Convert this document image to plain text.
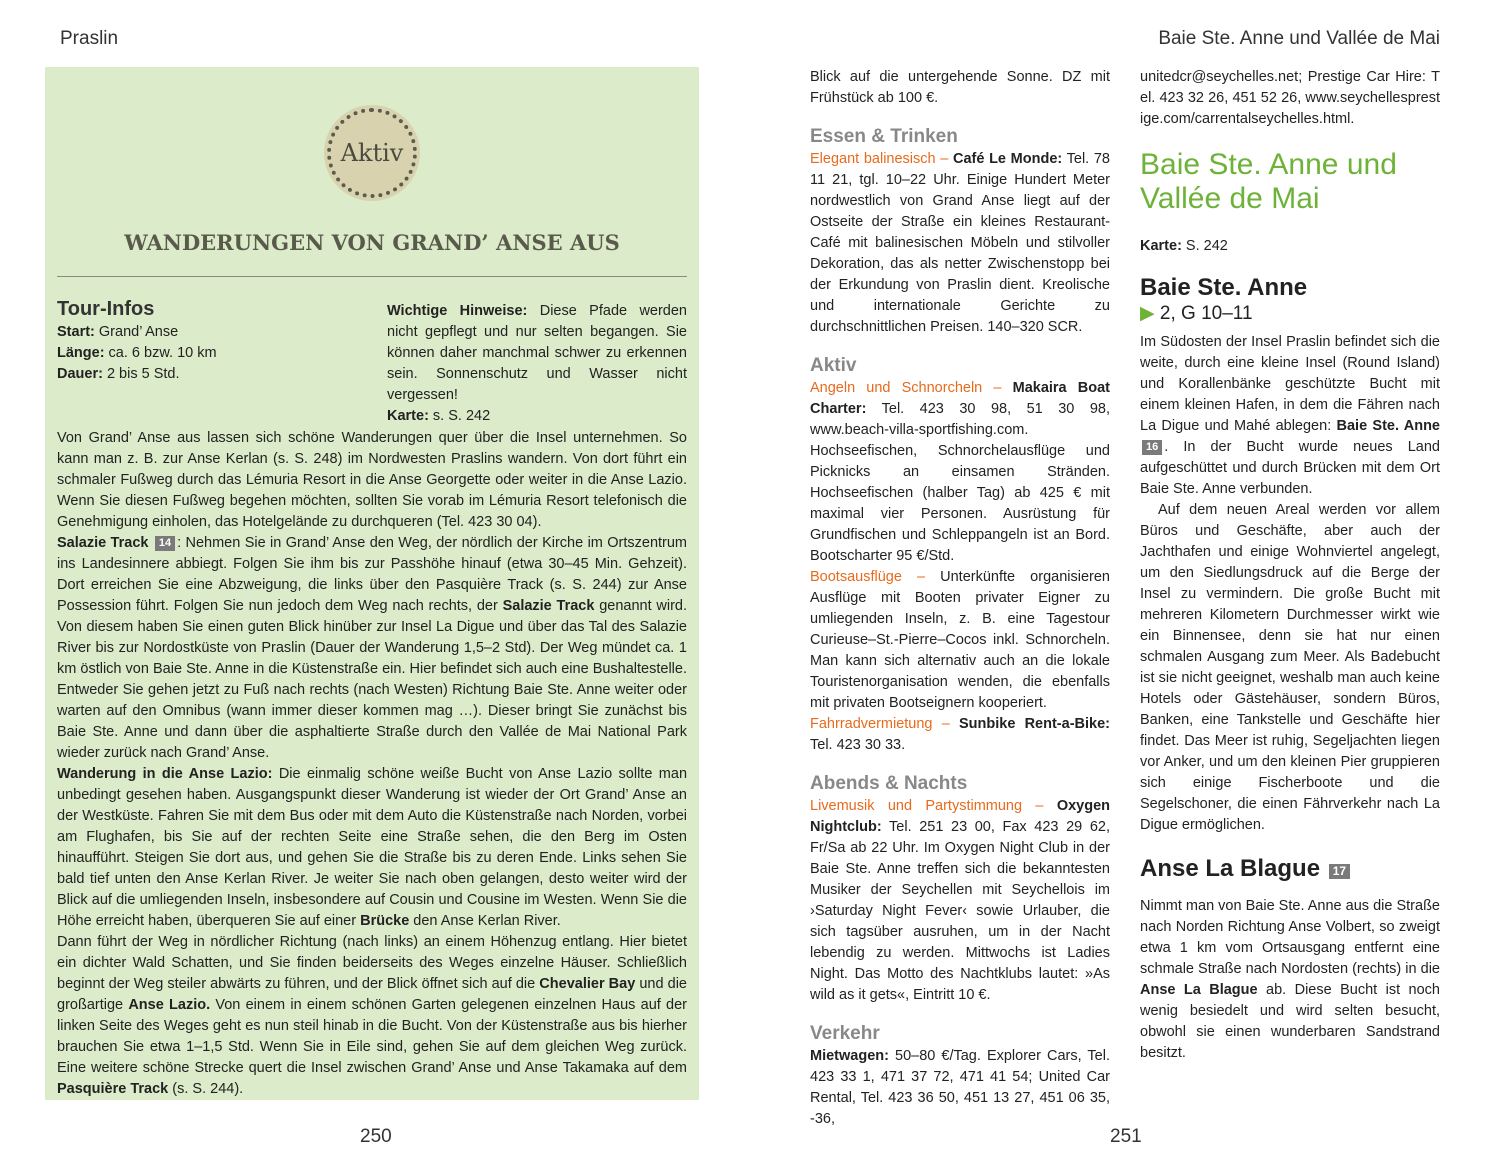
Praslin
Aktiv
WANDERUNGEN VON GRAND’ ANSE AUS
Tour-Infos
Start: Grand’ Anse
Länge: ca. 6 bzw. 10 km
Dauer: 2 bis 5 Std.
Wichtige Hinweise: Diese Pfade werden nicht gepflegt und nur selten begangen. Sie können daher manchmal schwer zu erkennen sein. Sonnenschutz und Wasser nicht vergessen!
Karte: s. S. 242

Von Grand’ Anse aus lassen sich schöne Wanderungen quer über die Insel unternehmen. So kann man z. B. zur Anse Kerlan (s. S. 248) im Nordwesten Praslins wandern. Von dort führt ein schmaler Fußweg durch das Lémuria Resort in die Anse Georgette oder weiter in die Anse Lazio. Wenn Sie diesen Fußweg begehen möchten, sollten Sie vorab im Lémuria Resort telefonisch die Genehmigung einholen, das Hotelgelände zu durchqueren (Tel. 423 30 04).

Salazie Track 14 : Nehmen Sie in Grand’ Anse den Weg, der nördlich der Kirche im Ortszentrum ins Landesinnere abbiegt. Folgen Sie ihm bis zur Passhöhe hinauf (etwa 30–45 Min. Gehzeit). Dort erreichen Sie eine Abzweigung, die links über den Pasquière Track (s. S. 244) zur Anse Possession führt. Folgen Sie nun jedoch dem Weg nach rechts, der Salazie Track genannt wird. Von diesem haben Sie einen guten Blick hinüber zur Insel La Digue und über das Tal des Salazie River bis zur Nordostküste von Praslin (Dauer der Wanderung 1,5–2 Std). Der Weg mündet ca. 1 km östlich von Baie Ste. Anne in die Küstenstraße ein. Hier befindet sich auch eine Bushaltestelle. Entweder Sie gehen jetzt zu Fuß nach rechts (nach Westen) Richtung Baie Ste. Anne weiter oder warten auf den Omnibus (wann immer dieser kommen mag …). Dieser bringt Sie zunächst bis Baie Ste. Anne und dann über die asphaltierte Straße durch den Vallée de Mai National Park wieder zurück nach Grand’ Anse.

Wanderung in die Anse Lazio: Die einmalig schöne weiße Bucht von Anse Lazio sollte man unbedingt gesehen haben. Ausgangspunkt dieser Wanderung ist wieder der Ort Grand’ Anse an der Westküste. Fahren Sie mit dem Bus oder mit dem Auto die Küstenstraße nach Norden, vorbei am Flughafen, bis Sie auf der rechten Seite eine Straße sehen, die den Berg im Osten hinaufführt. Steigen Sie dort aus, und gehen Sie die Straße bis zu deren Ende. Links sehen Sie bald tief unten den Anse Kerlan River. Je weiter Sie nach oben gelangen, desto weiter wird der Blick auf die umliegenden Inseln, insbesondere auf Cousin und Cousine im Westen. Wenn Sie die Höhe erreicht haben, überqueren Sie auf einer Brücke den Anse Kerlan River.

Dann führt der Weg in nördlicher Richtung (nach links) an einem Höhenzug entlang. Hier bietet ein dichter Wald Schatten, und Sie finden beiderseits des Weges einzelne Häuser. Schließlich beginnt der Weg steiler abwärts zu führen, und der Blick öffnet sich auf die Chevalier Bay und die großartige Anse Lazio. Von einem in einem schönen Garten gelegenen einzelnen Haus auf der linken Seite des Weges geht es nun steil hinab in die Bucht. Von der Küstenstraße aus bis hierher brauchen Sie etwa 1–1,5 Std. Wenn Sie in Eile sind, gehen Sie auf dem gleichen Weg zurück. Eine weitere schöne Strecke quert die Insel zwischen Grand’ Anse und Anse Takamaka auf dem Pasquière Track (s. S. 244).

250
Baie Ste. Anne und Vallée de Mai

Blick auf die untergehende Sonne. DZ mit Frühstück ab 100 €.

Essen & Trinken

Elegant balinesisch – Café Le Monde: Tel. 78 11 21, tgl. 10–22 Uhr. Einige Hundert Meter nordwestlich von Grand Anse liegt auf der Ostseite der Straße ein kleines Restaurant-Café mit balinesischen Möbeln und stilvoller Dekoration, das als netter Zwischenstopp bei der Erkundung von Praslin dient. Kreolische und internationale Gerichte zu durchschnittlichen Preisen. 140–320 SCR.

Aktiv

Angeln und Schnorcheln – Makaira Boat Charter: Tel. 423 30 98, 51 30 98, www.beach-villa-sportfishing.com. Hochseefischen, Schnorchelausflüge und Picknicks an einsamen Stränden. Hochseefischen (halber Tag) ab 425 € mit maximal vier Personen. Ausrüstung für Grundfischen und Schleppangeln ist an Bord. Bootscharter 95 €/Std.

Bootsausflüge – Unterkünfte organisieren Ausflüge mit Booten privater Eigner zu umliegenden Inseln, z. B. eine Tagestour Curieuse–St.-Pierre–Cocos inkl. Schnorcheln. Man kann sich alternativ auch an die lokale Touristenorganisation wenden, die ebenfalls mit privaten Bootseignern kooperiert.

Fahrradvermietung – Sunbike Rent-a-Bike: Tel. 423 30 33.

Abends & Nachts

Livemusik und Partystimmung – Oxygen Nightclub: Tel. 251 23 00, Fax 423 29 62, Fr/Sa ab 22 Uhr. Im Oxygen Night Club in der Baie Ste. Anne treffen sich die bekanntesten Musiker der Seychellen mit Seychellois im ›Saturday Night Fever‹ sowie Urlauber, die sich tagsüber ausruhen, um in der Nacht lebendig zu werden. Mittwochs ist Ladies Night. Das Motto des Nachtklubs lautet: »As wild as it gets«, Eintritt 10 €.

Verkehr

Mietwagen: 50–80 €/Tag. Explorer Cars, Tel. 423 33 1, 471 37 72, 471 41 54; United Car Rental, Tel. 423 36 50, 451 13 27, 451 06 35, -36,

unitedcr@seychelles.net; Prestige Car Hire: Tel. 423 32 26, 451 52 26, www.seychellesprestige.com/carrentalseychelles.html.

Baie Ste. Anne und Vallée de Mai

Karte: S. 242

Baie Ste. Anne
▶ 2, G 10–11

Im Südosten der Insel Praslin befindet sich die weite, durch eine kleine Insel (Round Island) und Korallenbänke geschützte Bucht mit einem kleinen Hafen, in dem die Fähren nach La Digue und Mahé ablegen: Baie Ste. Anne 16 . In der Bucht wurde neues Land aufgeschüttet und durch Brücken mit dem Ort Baie Ste. Anne verbunden.

Auf dem neuen Areal werden vor allem Büros und Geschäfte, aber auch der Jachthafen und einige Wohnviertel angelegt, um den Siedlungsdruck auf die Berge der Insel zu vermindern. Die große Bucht mit mehreren Kilometern Durchmesser wirkt wie ein Binnensee, denn sie hat nur einen schmalen Ausgang zum Meer. Als Badebucht ist sie nicht geeignet, weshalb man auch keine Hotels oder Gästehäuser, sondern Büros, Banken, eine Tankstelle und Geschäfte hier findet. Das Meer ist ruhig, Segeljachten liegen vor Anker, und um den kleinen Pier gruppieren sich einige Fischerboote und die Segelschoner, die einen Fährverkehr nach La Digue ermöglichen.

Anse La Blague 17

Nimmt man von Baie Ste. Anne aus die Straße nach Norden Richtung Anse Volbert, so zweigt etwa 1 km vom Ortsausgang entfernt eine schmale Straße nach Nordosten (rechts) in die Anse La Blague ab. Diese Bucht ist noch wenig besiedelt und wird selten besucht, obwohl sie einen wunderbaren Sandstrand besitzt.

251
